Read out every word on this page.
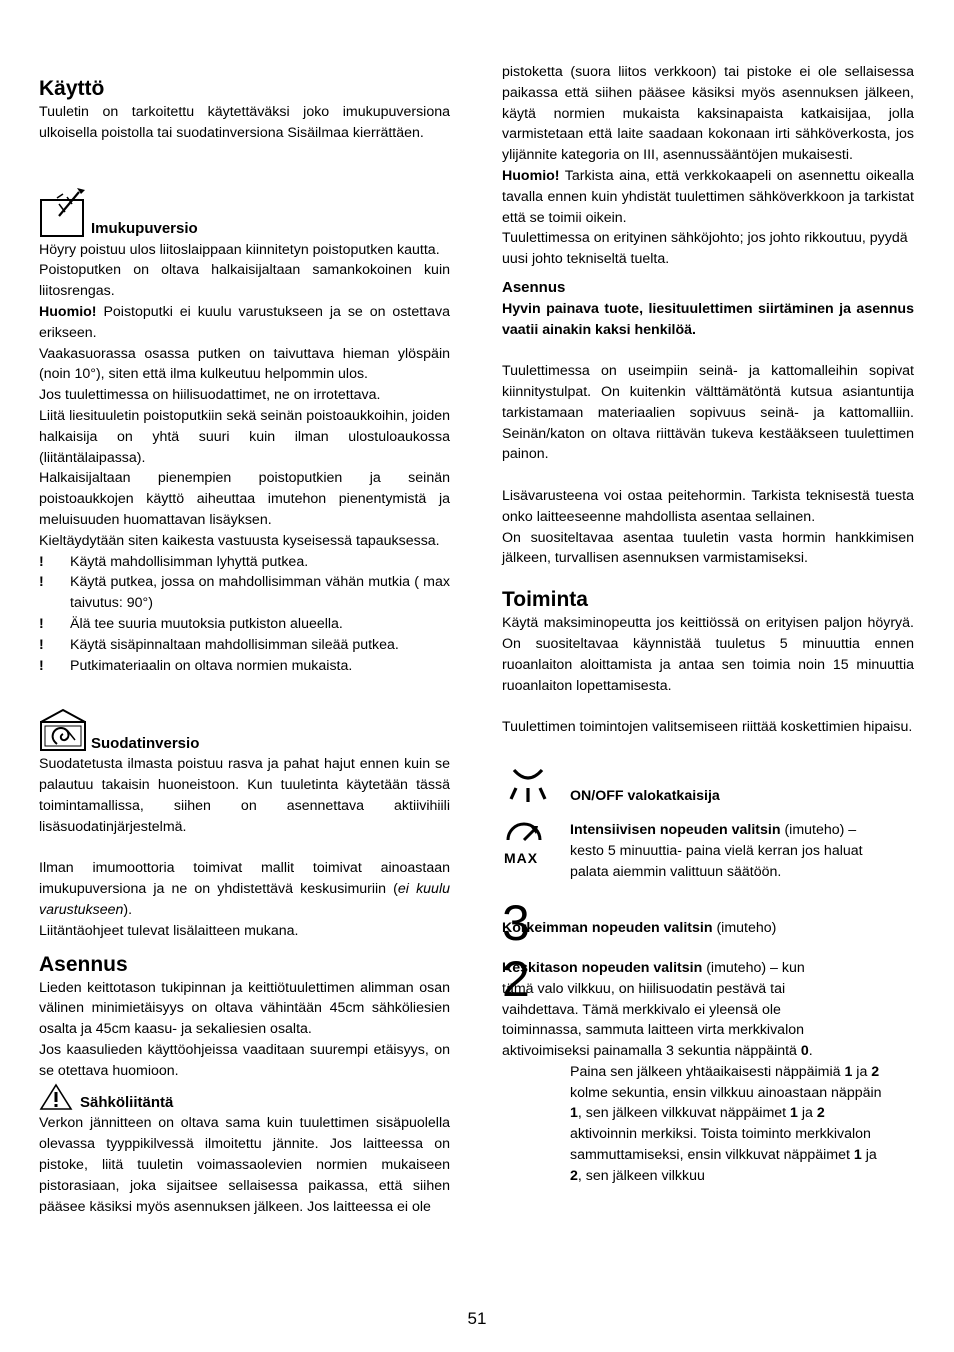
Käyttö

Tuuletin on tarkoitettu käytettäväksi joko imukupuversiona ulkoisella poistolla tai suodatinversiona Sisäilmaa kierrättäen.

Imukupuversio

Höyry poistuu ulos liitoslaippaan kiinnitetyn poistoputken kautta.

Poistoputken on oltava halkaisijaltaan samankokoinen kuin liitosrengas.

Huomio! Poistoputki ei kuulu varustukseen ja se on ostettava erikseen.

Vaakasuorassa osassa putken on taivuttava hieman ylöspäin (noin 10°), siten että ilma kulkeutuu helpommin ulos.

Jos tuulettimessa on hiilisuodattimet, ne on irrotettava.

Liitä liesituuletin poistoputkiin sekä seinän poistoaukkoihin, joiden halkaisija on yhtä suuri kuin ilman ulostuloaukossa (liitäntälaipassa).

Halkaisijaltaan pienempien poistoputkien ja seinän poistoaukkojen käyttö aiheuttaa imutehon pienentymistä ja meluisuuden huomattavan lisäyksen.

Kieltäydytään siten kaikesta vastuusta kyseisessä tapauksessa.

!	Käytä mahdollisimman lyhyttä putkea.
!	Käytä putkea, jossa on mahdollisimman vähän mutkia ( max taivutus: 90°)
!	Älä tee suuria muutoksia putkiston alueella.
!	Käytä sisäpinnaltaan mahdollisimman sileää putkea.
!	Putkimateriaalin on oltava normien mukaista.
Suodatinversio

Suodatetusta ilmasta poistuu rasva ja pahat hajut ennen kuin se palautuu takaisin huoneistoon. Kun tuuletinta käytetään tässä toimintamallissa, siihen on asennettava aktiivihiili lisäsuodatinjärjestelmä.

Ilman imumoottoria toimivat mallit toimivat ainoastaan imukupuversiona ja ne on yhdistettävä keskusimuriin (ei kuulu varustukseen).

Liitäntäohjeet tulevat lisälaitteen mukana.

Asennus

Lieden keittotason tukipinnan ja keittiötuulettimen alimman osan välinen minimietäisyys on oltava vähintään 45cm sähköliesien osalta ja 45cm kaasu- ja sekaliesien osalta.

Jos kaasulieden käyttöohjeissa vaaditaan suurempi etäisyys, on se otettava huomioon.

Sähköliitäntä

Verkon jännitteen on oltava sama kuin tuulettimen sisäpuolella olevassa tyyppikilvessä ilmoitettu jännite. Jos laitteessa on pistoke, liitä tuuletin voimassaolevien normien mukaiseen pistorasiaan, joka sijaitsee sellaisessa paikassa, että siihen pääsee käsiksi myös asennuksen jälkeen. Jos laitteessa ei ole

pistoketta (suora liitos verkkoon) tai pistoke ei ole sellaisessa paikassa että siihen pääsee käsiksi myös asennuksen jälkeen, käytä normien mukaista kaksinapaista katkaisijaa, jolla varmistetaan että laite saadaan kokonaan irti sähköverkosta, jos ylijännite kategoria on III, asennussääntöjen mukaisesti.

Huomio! Tarkista aina, että verkkokaapeli on asennettu oikealla tavalla ennen kuin yhdistät tuulettimen sähköverkkoon ja tarkistat että se toimii oikein.

Tuulettimessa on erityinen sähköjohto; jos johto rikkoutuu, pyydä uusi johto tekniseltä tuelta.

Asennus

Hyvin painava tuote, liesituulettimen siirtäminen ja asennus vaatii ainakin kaksi henkilöä.

Tuulettimessa on useimpiin seinä- ja kattomalleihin sopivat kiinnitystulpat. On kuitenkin välttämätöntä kutsua asiantuntija tarkistamaan materiaalien sopivuus seinä- ja kattomalliin. Seinän/katon on oltava riittävän tukeva kestääkseen tuulettimen painon.

Lisävarusteena voi ostaa peitehormin. Tarkista teknisestä tuesta onko laitteeseenne mahdollista asentaa sellainen.

On suositeltavaa asentaa tuuletin vasta hormin hankkimisen jälkeen, turvallisen asennuksen varmistamiseksi.

Toiminta

Käytä maksiminopeutta jos keittiössä on erityisen paljon höyryä. On suositeltavaa käynnistää tuuletus 5 minuuttia ennen ruoanlaiton aloittamista ja antaa sen toimia noin 15 minuuttia ruoanlaiton lopettamisesta.

Tuulettimen toimintojen valitsemiseen riittää koskettimien hipaisu.

ON/OFF valokatkaisija
MAX

Intensiivisen nopeuden valitsin (imuteho) – kesto 5 minuuttia- paina vielä kerran jos haluat palata aiemmin valittuun säätöön.

3

Korkeimman nopeuden valitsin (imuteho)

2

Keskitason nopeuden valitsin (imuteho) – kun tämä valo vilkkuu, on hiilisuodatin pestävä tai vaihdettava. Tämä merkkivalo ei yleensä ole toiminnassa, sammuta laitteen virta merkkivalon aktivoimiseksi painamalla 3 sekuntia näppäintä 0.

Paina sen jälkeen yhtäaikaisesti näppäimiä 1 ja 2 kolme sekuntia, ensin vilkkuu ainoastaan näppäin 1, sen jälkeen vilkkuvat näppäimet 1 ja 2 aktivoinnin merkiksi. Toista toiminto merkkivalon sammuttamiseksi, ensin vilkkuvat näppäimet 1 ja 2, sen jälkeen vilkkuu

51
